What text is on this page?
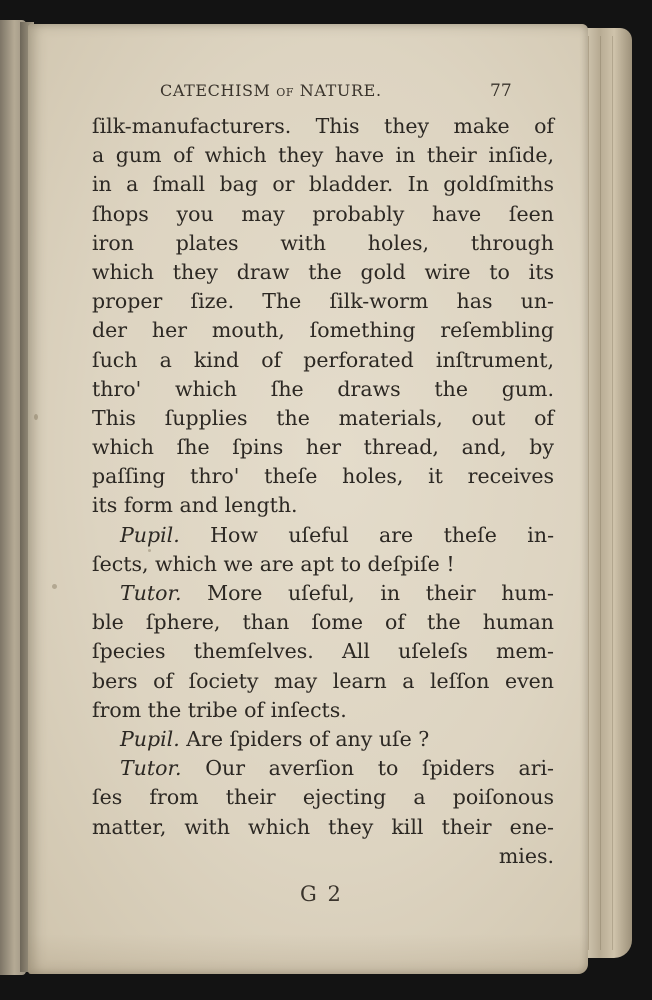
CATECHISM OF NATURE.	77
ſilk-manufacturers. This they make of
a gum of which they have in their inſide,
in a ſmall bag or bladder. In goldſmiths
ſhops you may probably have ſeen
iron plates with holes, through
which they draw the gold wire to its
proper ſize. The ſilk-worm has un-
der her mouth, ſomething reſembling
ſuch a kind of perforated inſtrument,
thro' which ſhe draws the gum.
This ſupplies the materials, out of
which ſhe ſpins her thread, and, by
paſſing thro' theſe holes, it receives
its form and length.
Pupil. How uſeful are theſe in-
ſects, which we are apt to deſpiſe !
Tutor. More uſeful, in their hum-
ble ſphere, than ſome of the human
ſpecies themſelves. All uſeleſs mem-
bers of ſociety may learn a leſſon even
from the tribe of inſects.
Pupil. Are ſpiders of any uſe ?
Tutor. Our averſion to ſpiders ari-
ſes from their ejecting a poiſonous
matter, with which they kill their ene-
mies.
G 2
